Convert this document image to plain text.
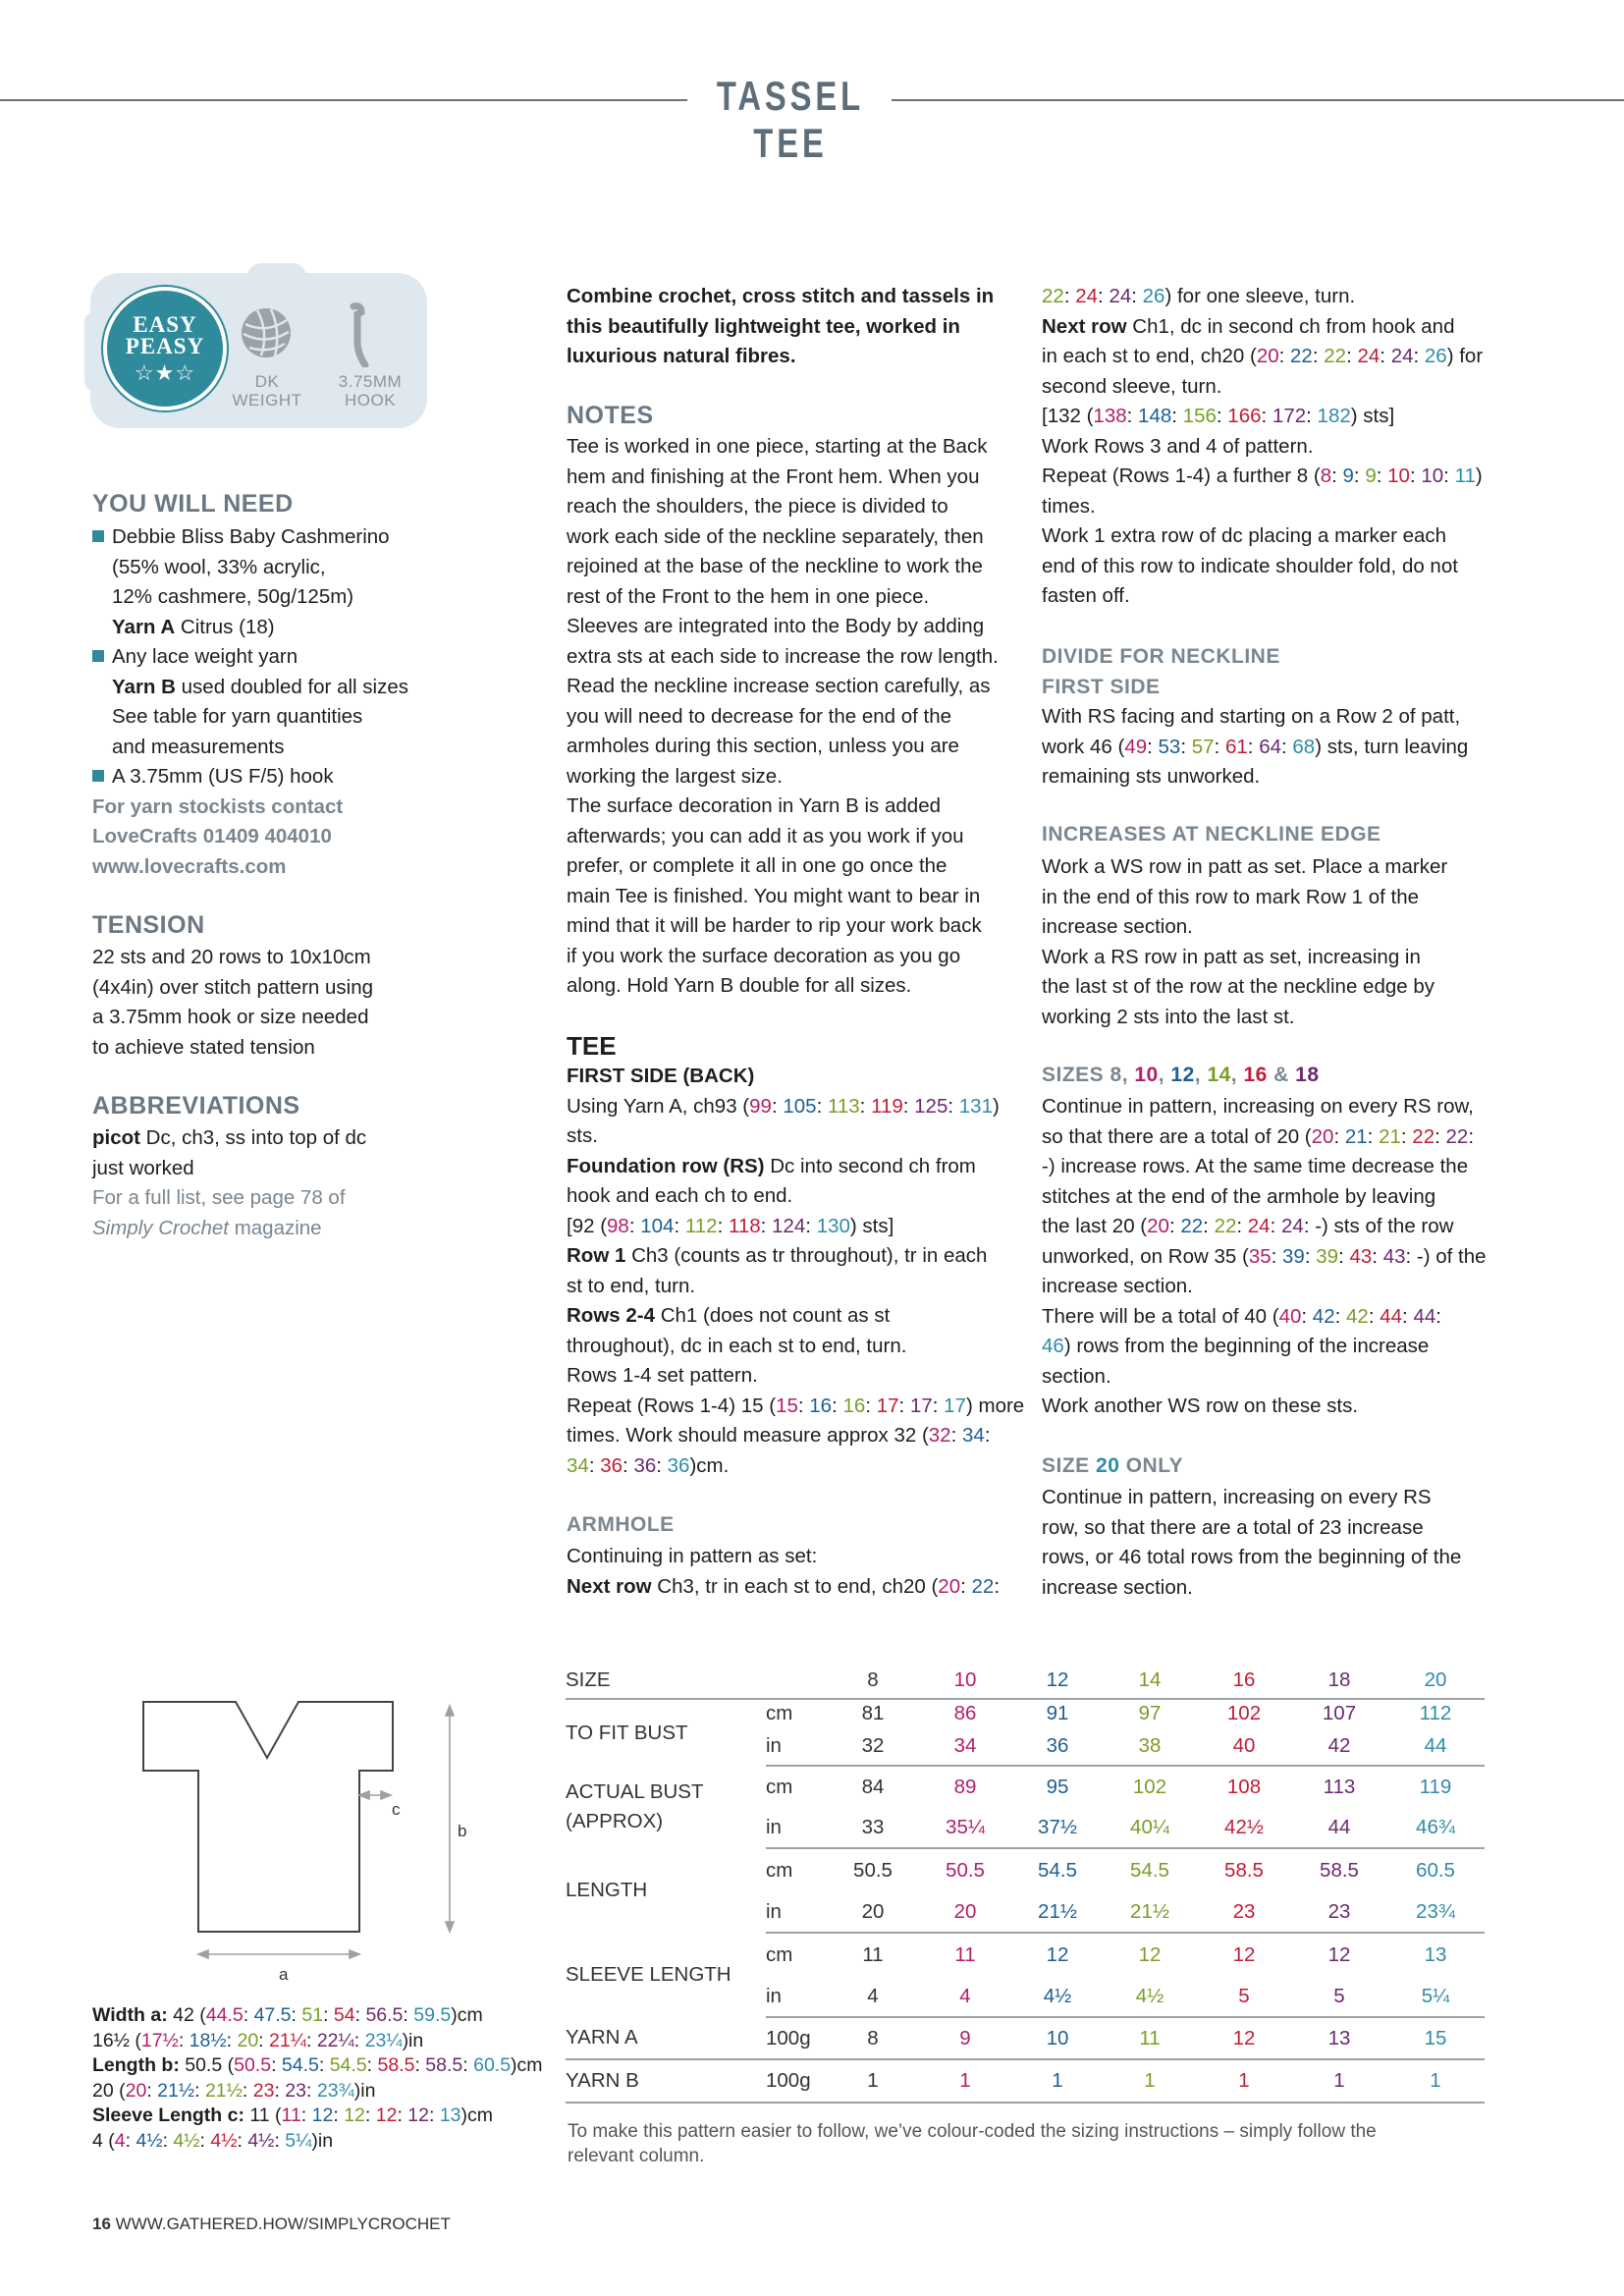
TASSEL TEE
EASY
PEASY
☆★☆	DK
WEIGHT
3.75MM
HOOK
YOU WILL NEED
Debbie Bliss Baby Cashmerino
(55% wool, 33% acrylic,
12% cashmere, 50g/125m)
Yarn A Citrus (18)
Any lace weight yarn
Yarn B used doubled for all sizes
See table for yarn quantities
and measurements
A 3.75mm (US F/5) hook
For yarn stockists contact
LoveCrafts 01409 404010
www.lovecrafts.com
TENSION
22 sts and 20 rows to 10x10cm
(4x4in) over stitch pattern using
a 3.75mm hook or size needed
to achieve stated tension
ABBREVIATIONS
picot Dc, ch3, ss into top of dc
just worked
For a full list, see page 78 of
Simply Crochet magazine
Combine crochet, cross stitch and tassels in
this beautifully lightweight tee, worked in
luxurious natural fibres.
NOTES
Tee is worked in one piece, starting at the Back
hem and finishing at the Front hem. When you
reach the shoulders, the piece is divided to
work each side of the neckline separately, then
rejoined at the base of the neckline to work the
rest of the Front to the hem in one piece.
Sleeves are integrated into the Body by adding
extra sts at each side to increase the row length.
Read the neckline increase section carefully, as
you will need to decrease for the end of the
armholes during this section, unless you are
working the largest size.
The surface decoration in Yarn B is added
afterwards; you can add it as you work if you
prefer, or complete it all in one go once the
main Tee is finished. You might want to bear in
mind that it will be harder to rip your work back
if you work the surface decoration as you go
along. Hold Yarn B double for all sizes.
TEE
FIRST SIDE (BACK)
Using Yarn A, ch93 (99: 105: 113: 119: 125: 131)
sts.
Foundation row (RS) Dc into second ch from
hook and each ch to end.
[92 (98: 104: 112: 118: 124: 130) sts]
Row 1 Ch3 (counts as tr throughout), tr in each
st to end, turn.
Rows 2-4 Ch1 (does not count as st
throughout), dc in each st to end, turn.
Rows 1-4 set pattern.
Repeat (Rows 1-4) 15 (15: 16: 16: 17: 17: 17) more
times. Work should measure approx 32 (32: 34:
34: 36: 36: 36)cm.
ARMHOLE
Continuing in pattern as set:
Next row Ch3, tr in each st to end, ch20 (20: 22:
22: 24: 24: 26) for one sleeve, turn.
Next row Ch1, dc in second ch from hook and
in each st to end, ch20 (20: 22: 22: 24: 24: 26) for
second sleeve, turn.
[132 (138: 148: 156: 166: 172: 182) sts]
Work Rows 3 and 4 of pattern.
Repeat (Rows 1-4) a further 8 (8: 9: 9: 10: 10: 11)
times.
Work 1 extra row of dc placing a marker each
end of this row to indicate shoulder fold, do not
fasten off.
DIVIDE FOR NECKLINE
FIRST SIDE
With RS facing and starting on a Row 2 of patt,
work 46 (49: 53: 57: 61: 64: 68) sts, turn leaving
remaining sts unworked.
INCREASES AT NECKLINE EDGE
Work a WS row in patt as set. Place a marker
in the end of this row to mark Row 1 of the
increase section.
Work a RS row in patt as set, increasing in
the last st of the row at the neckline edge by
working 2 sts into the last st.
SIZES 8, 10, 12, 14, 16 & 18
Continue in pattern, increasing on every RS row,
so that there are a total of 20 (20: 21: 21: 22: 22:
-) increase rows. At the same time decrease the
stitches at the end of the armhole by leaving
the last 20 (20: 22: 22: 24: 24: -) sts of the row
unworked, on Row 35 (35: 39: 39: 43: 43: -) of the
increase section.
There will be a total of 40 (40: 42: 42: 44: 44:
46) rows from the beginning of the increase
section.
Work another WS row on these sts.
SIZE 20 ONLY
Continue in pattern, increasing on every RS
row, so that there are a total of 23 increase
rows, or 46 total rows from the beginning of the
increase section.
a
b
c
Width a: 42 (44.5: 47.5: 51: 54: 56.5: 59.5)cm
16½ (17½: 18½: 20: 21¼: 22¼: 23¼)in
Length b: 50.5 (50.5: 54.5: 54.5: 58.5: 58.5: 60.5)cm
20 (20: 21½: 21½: 23: 23: 23¾)in
Sleeve Length c: 11 (11: 12: 12: 12: 12: 13)cm
4 (4: 4½: 4½: 4½: 4½: 5¼)in
SIZE		8	10	12	14	16	18	20
TO FIT BUST	cm	81	86	91	97	102	107	112
	in	32	34	36	38	40	42	44
ACTUAL BUST
(APPROX)	cm	84	89	95	102	108	113	119
	in	33	35¼	37½	40¼	42½	44	46¾
LENGTH	cm	50.5	50.5	54.5	54.5	58.5	58.5	60.5
	in	20	20	21½	21½	23	23	23¾
SLEEVE LENGTH	cm	11	11	12	12	12	12	13
	in	4	4	4½	4½	5	5	5¼
YARN A	100g	8	9	10	11	12	13	15
YARN B	100g	1	1	1	1	1	1	1
To make this pattern easier to follow, we’ve colour-coded the sizing instructions – simply follow the
relevant column.
16 WWW.GATHERED.HOW/SIMPLYCROCHET
